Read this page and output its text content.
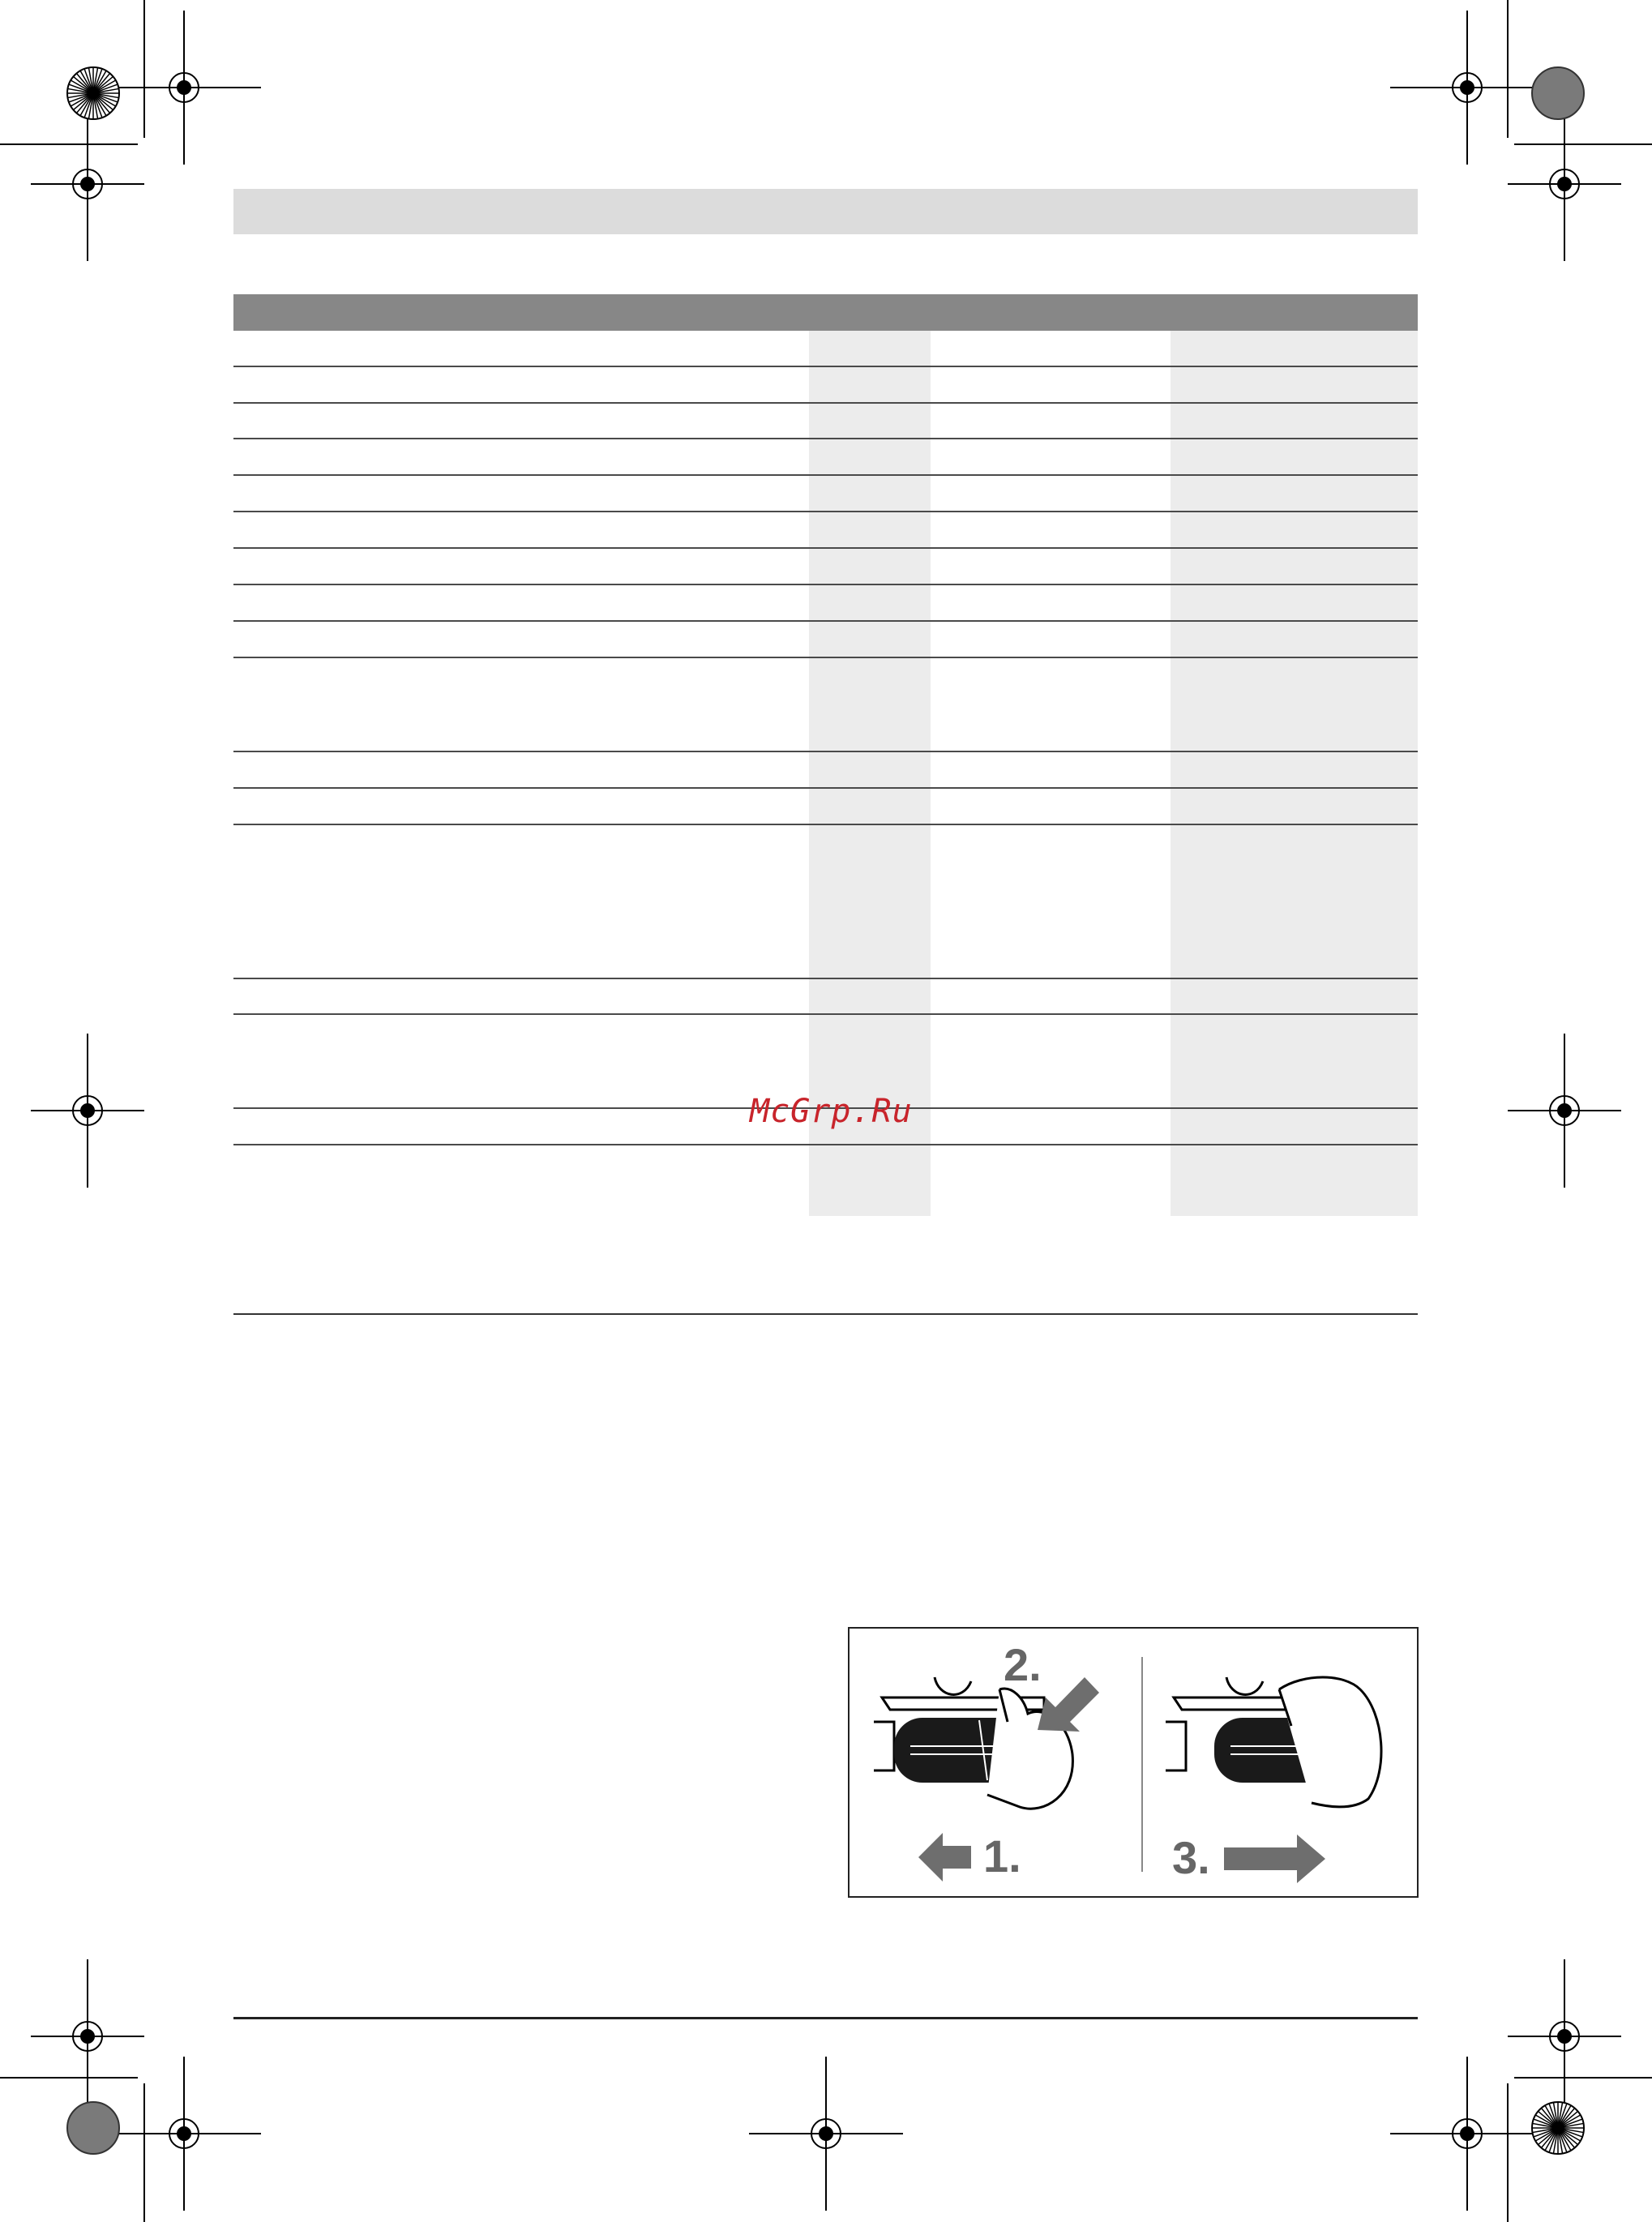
McGrp.Ru
1.
2.
3.
